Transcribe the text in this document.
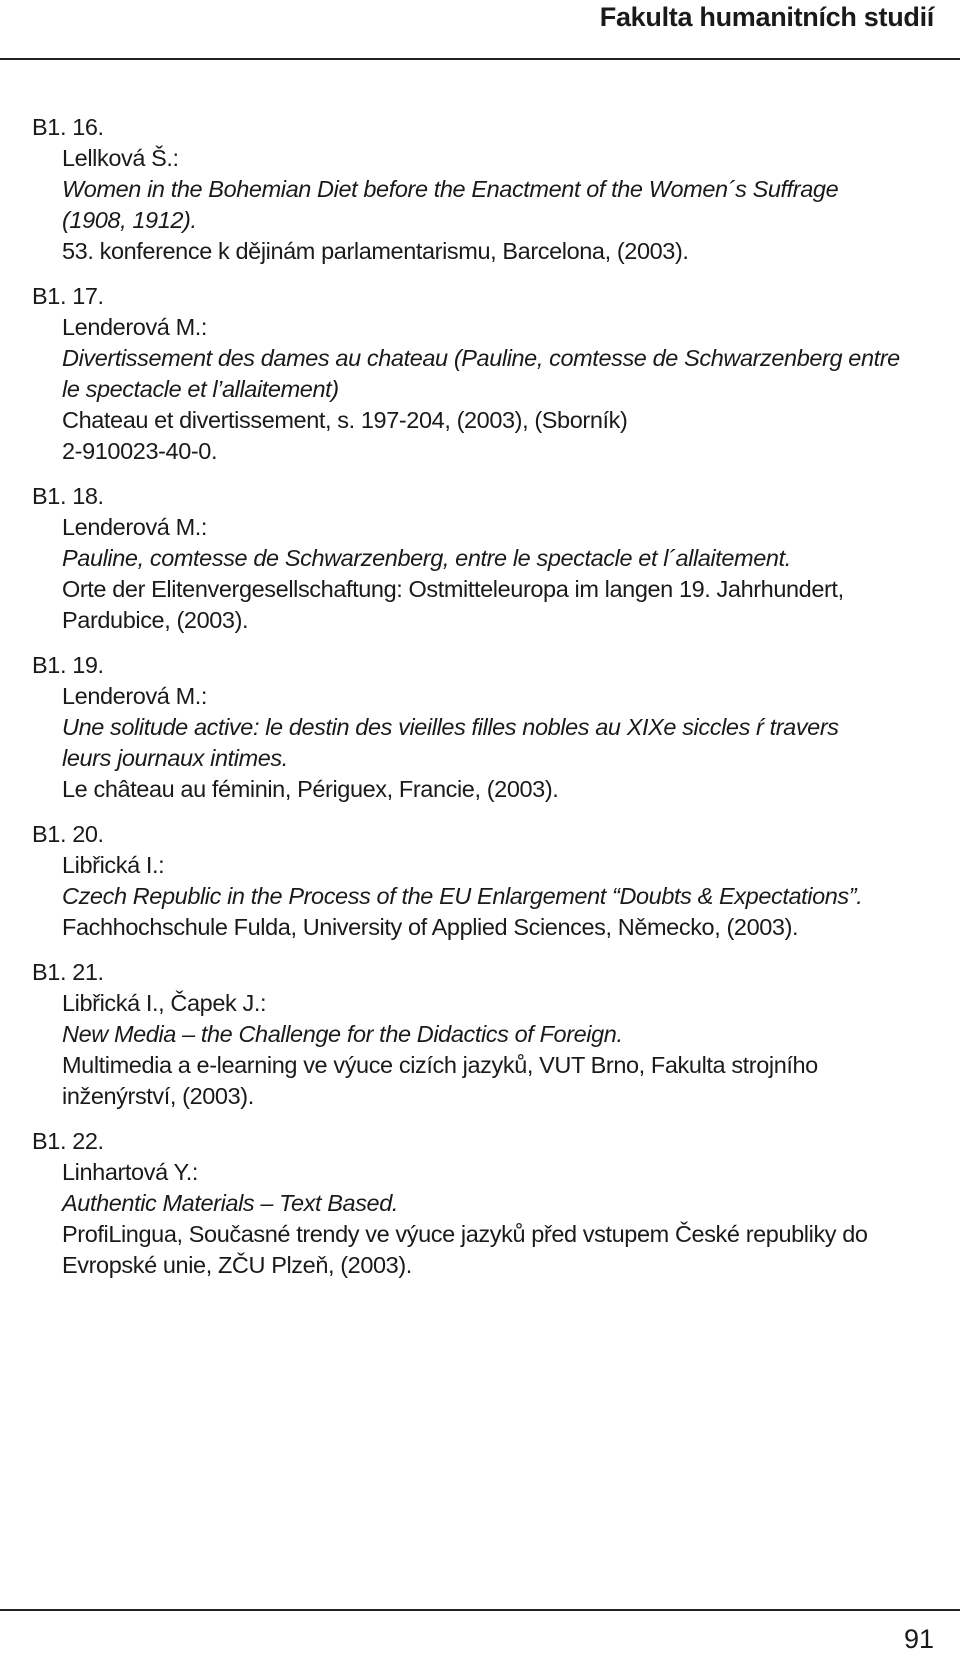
Fakulta humanitních studií
B1. 16.
Lellková Š.:
Women in the Bohemian Diet before the Enactment of the Women´s Suffrage
(1908, 1912).
53. konference k dějinám parlamentarismu, Barcelona, (2003).
B1. 17.
Lenderová M.:
Divertissement des dames au chateau (Pauline, comtesse de Schwarzenberg entre
le spectacle et l’allaitement)
Chateau et divertissement, s. 197-204, (2003), (Sborník)
2-910023-40-0.
B1. 18.
Lenderová M.:
Pauline, comtesse de Schwarzenberg, entre le spectacle et l´allaitement.
Orte der Elitenvergesellschaftung: Ostmitteleuropa im langen 19. Jahrhundert,
Pardubice, (2003).
B1. 19.
Lenderová M.:
Une solitude active: le destin des vieilles filles nobles au XIXe siccles ŕ travers
leurs journaux intimes.
Le château au féminin, Périguex, Francie, (2003).
B1. 20.
Libřická I.:
Czech Republic in the Process of the EU Enlargement “Doubts & Expectations”.
Fachhochschule Fulda, University of Applied Sciences, Německo, (2003).
B1. 21.
Libřická I., Čapek J.:
New Media – the Challenge for the Didactics of Foreign.
Multimedia a e-learning ve výuce cizích jazyků, VUT Brno, Fakulta strojního
inženýrství, (2003).
B1. 22.
Linhartová Y.:
Authentic Materials – Text Based.
ProfiLingua, Současné trendy ve výuce jazyků před vstupem České republiky do
Evropské unie, ZČU Plzeň, (2003).
91
